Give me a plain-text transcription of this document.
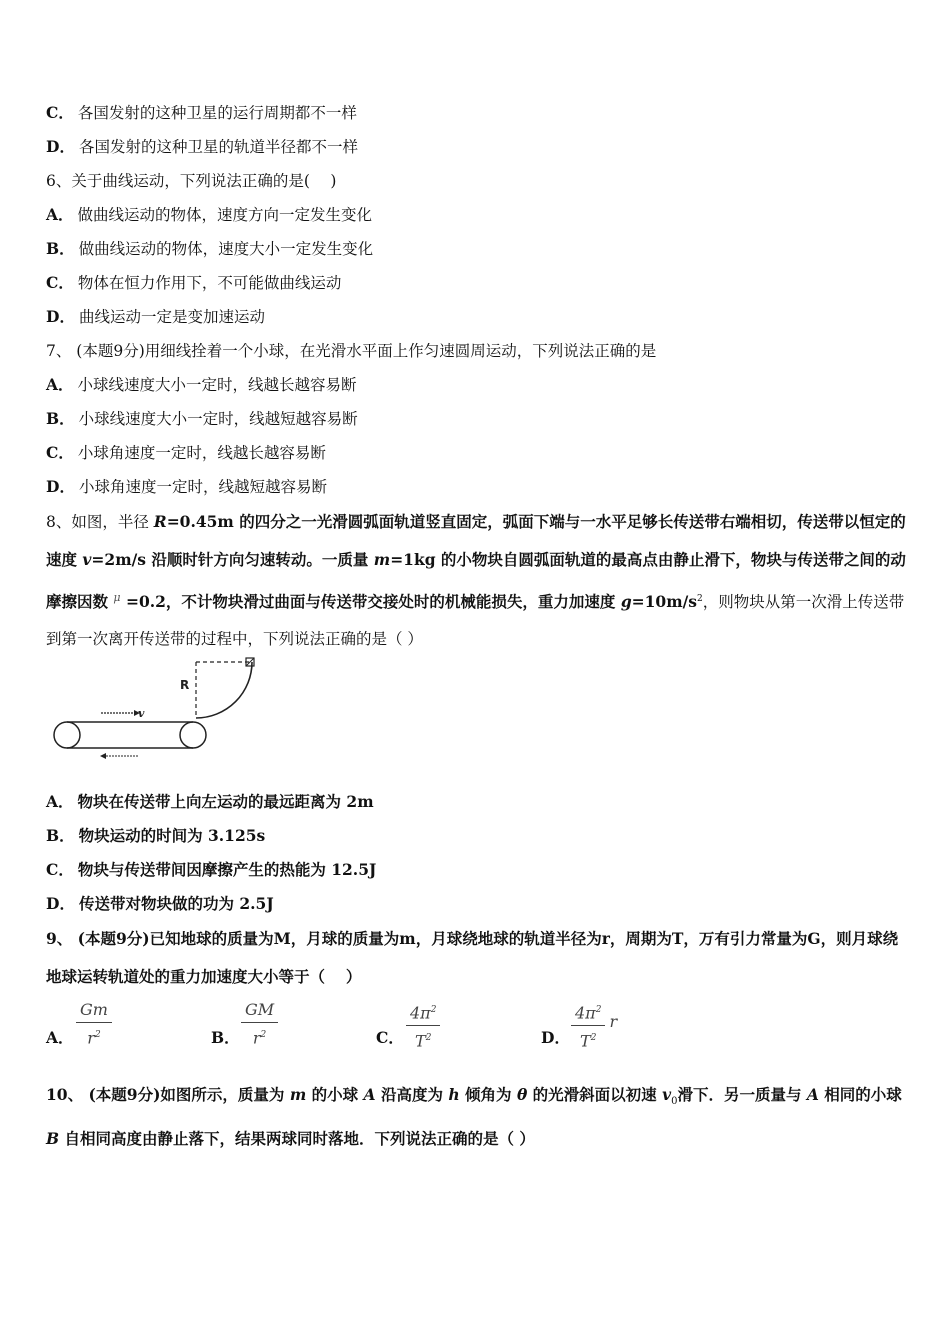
C． 各国发射的这种卫星的运行周期都不一样
D． 各国发射的这种卫星的轨道半径都不一样
6、关于曲线运动，下列说法正确的是(　 )
A． 做曲线运动的物体，速度方向一定发生变化
B． 做曲线运动的物体，速度大小一定发生变化
C． 物体在恒力作用下，不可能做曲线运动
D． 曲线运动一定是变加速运动
7、 (本题9分)用细线拴着一个小球，在光滑水平面上作匀速圆周运动，下列说法正确的是
A． 小球线速度大小一定时，线越长越容易断
B． 小球线速度大小一定时，线越短越容易断
C． 小球角速度一定时，线越长越容易断
D． 小球角速度一定时，线越短越容易断
8、如图，半径 R=0.45m 的四分之一光滑圆弧面轨道竖直固定，弧面下端与一水平足够长传送带右端相切，传送带以恒定的速度 v=2m/s 沿顺时针方向匀速转动。一质量 m=1kg 的小物块自圆弧面轨道的最高点由静止滑下，物块与传送带之间的动摩擦因数 $^\mu$ =0.2，不计物块滑过曲面与传送带交接处时的机械能损失，重力加速度 $g=10m/s^2$，则物块从第一次滑上传送带到第一次离开传送带的过程中，下列说法正确的是（ ）
R
v
A． 物块在传送带上向左运动的最远距离为 2m
B． 物块运动的时间为 3.125s
C． 物块与传送带间因摩擦产生的热能为 12.5J
D． 传送带对物块做的功为 2.5J
9、 (本题9分)已知地球的质量为M，月球的质量为m，月球绕地球的轨道半径为r，周期为T，万有引力常量为G，则月球绕地球运转轨道处的重力加速度大小等于（　 ）
A． $\frac{Gm}{r^2}$	B． $\frac{GM}{r^2}$	C． $\frac{4\pi^2}{T^2}$	D．
$4\pi^2$
$T^2$
r
10、 (本题9分)如图所示，质量为 m 的小球 A 沿高度为 h 倾角为 θ 的光滑斜面以初速 $v_0$滑下．另一质量与 A 相同的小球 B 自相同高度由静止落下，结果两球同时落地．下列说法正确的是（ ）
